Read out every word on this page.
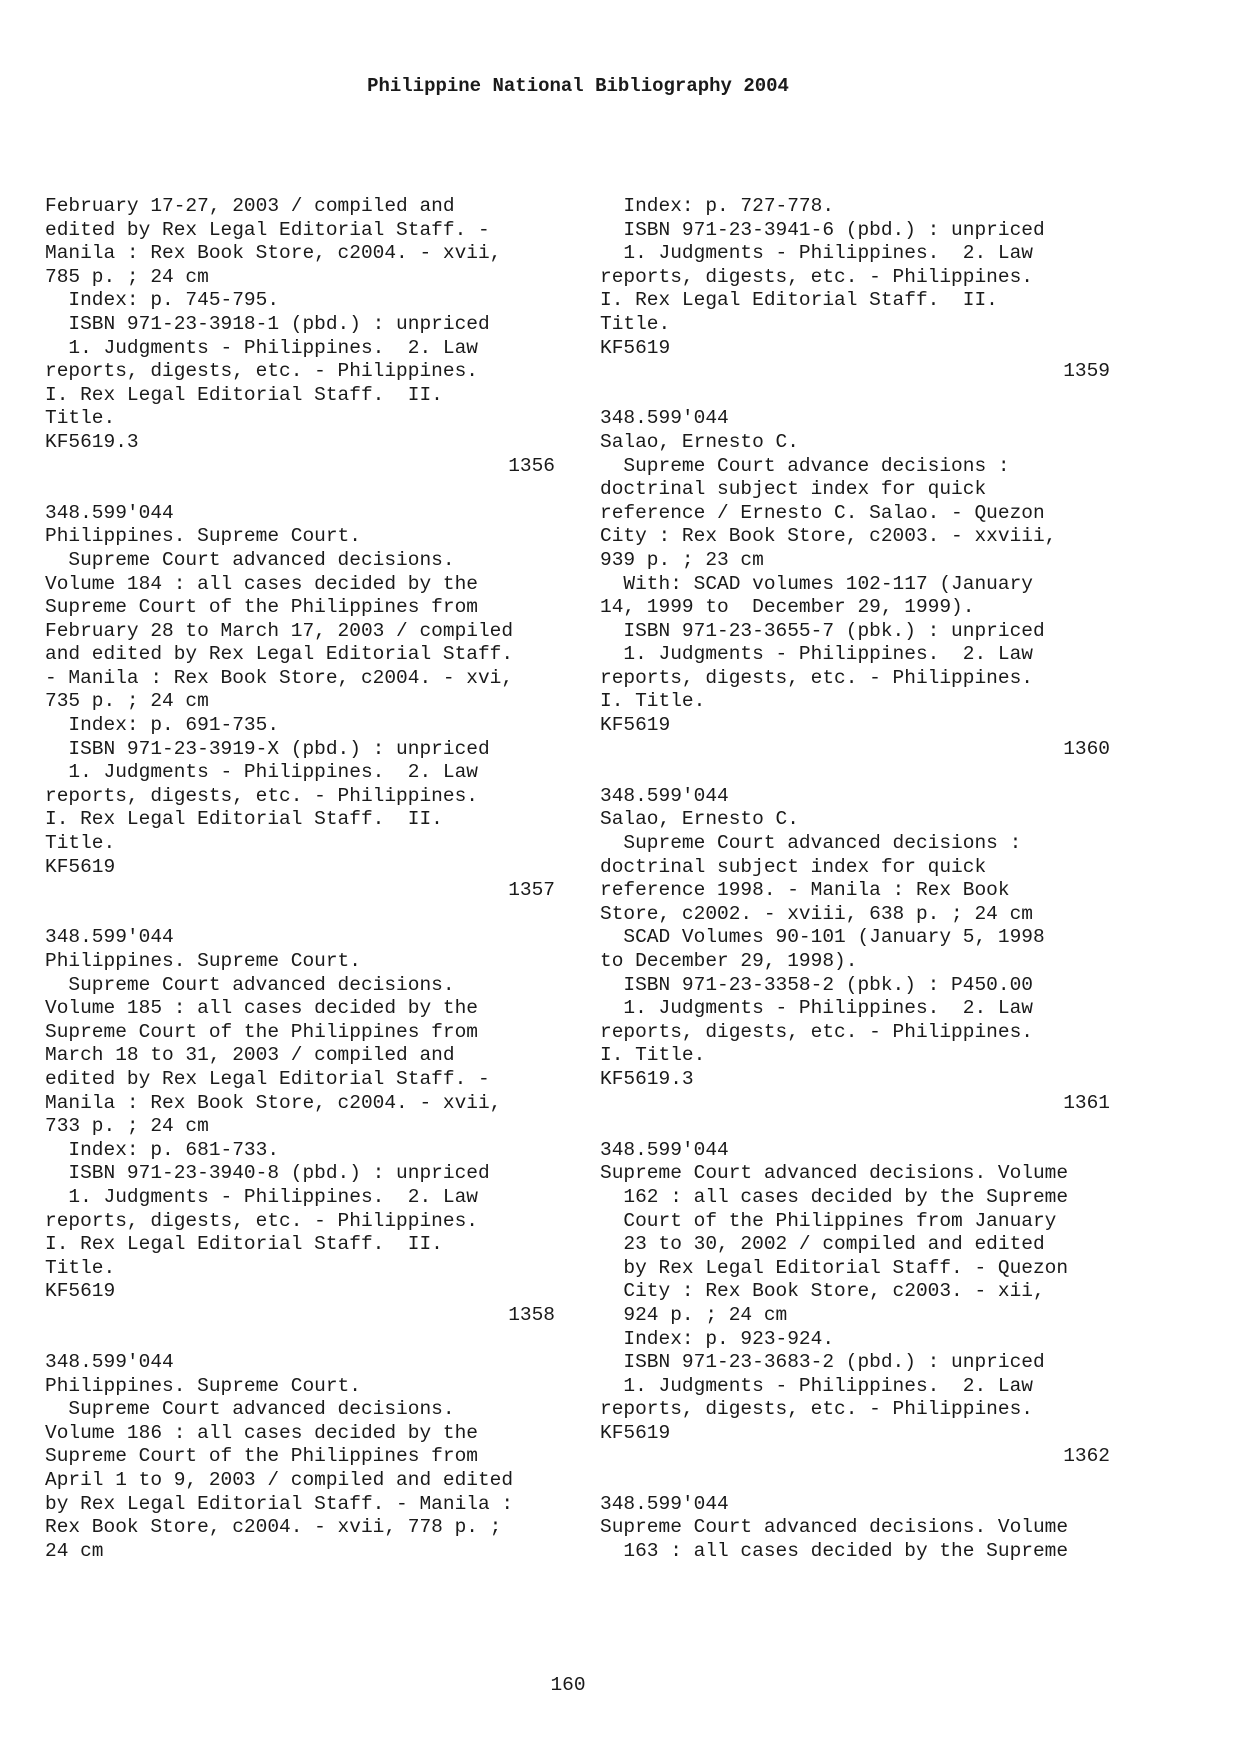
Philippine National Bibliography 2004
February 17-27, 2003 / compiled and
edited by Rex Legal Editorial Staff. -
Manila : Rex Book Store, c2004. - xvii,
785 p. ; 24 cm
Index: p. 745-795.
ISBN 971-23-3918-1 (pbd.) : unpriced
1. Judgments - Philippines.  2. Law
reports, digests, etc. - Philippines.
I. Rex Legal Editorial Staff.  II.
Title.
KF5619.3
1356
348.599'044
Philippines. Supreme Court.
Supreme Court advanced decisions.
Volume 184 : all cases decided by the
Supreme Court of the Philippines from
February 28 to March 17, 2003 / compiled
and edited by Rex Legal Editorial Staff.
- Manila : Rex Book Store, c2004. - xvi,
735 p. ; 24 cm
Index: p. 691-735.
ISBN 971-23-3919-X (pbd.) : unpriced
1. Judgments - Philippines.  2. Law
reports, digests, etc. - Philippines.
I. Rex Legal Editorial Staff.  II.
Title.
KF5619
1357
348.599'044
Philippines. Supreme Court.
Supreme Court advanced decisions.
Volume 185 : all cases decided by the
Supreme Court of the Philippines from
March 18 to 31, 2003 / compiled and
edited by Rex Legal Editorial Staff. -
Manila : Rex Book Store, c2004. - xvii,
733 p. ; 24 cm
Index: p. 681-733.
ISBN 971-23-3940-8 (pbd.) : unpriced
1. Judgments - Philippines.  2. Law
reports, digests, etc. - Philippines.
I. Rex Legal Editorial Staff.  II.
Title.
KF5619
1358
348.599'044
Philippines. Supreme Court.
Supreme Court advanced decisions.
Volume 186 : all cases decided by the
Supreme Court of the Philippines from
April 1 to 9, 2003 / compiled and edited
by Rex Legal Editorial Staff. - Manila :
Rex Book Store, c2004. - xvii, 778 p. ;
24 cm
Index: p. 727-778.
ISBN 971-23-3941-6 (pbd.) : unpriced
1. Judgments - Philippines.  2. Law
reports, digests, etc. - Philippines.
I. Rex Legal Editorial Staff.  II.
Title.
KF5619
1359
348.599'044
Salao, Ernesto C.
Supreme Court advance decisions :
doctrinal subject index for quick
reference / Ernesto C. Salao. - Quezon
City : Rex Book Store, c2003. - xxviii,
939 p. ; 23 cm
With: SCAD volumes 102-117 (January
14, 1999 to  December 29, 1999).
ISBN 971-23-3655-7 (pbk.) : unpriced
1. Judgments - Philippines.  2. Law
reports, digests, etc. - Philippines.
I. Title.
KF5619
1360
348.599'044
Salao, Ernesto C.
Supreme Court advanced decisions :
doctrinal subject index for quick
reference 1998. - Manila : Rex Book
Store, c2002. - xviii, 638 p. ; 24 cm
SCAD Volumes 90-101 (January 5, 1998
to December 29, 1998).
ISBN 971-23-3358-2 (pbk.) : P450.00
1. Judgments - Philippines.  2. Law
reports, digests, etc. - Philippines.
I. Title.
KF5619.3
1361
348.599'044
Supreme Court advanced decisions. Volume
162 : all cases decided by the Supreme
Court of the Philippines from January
23 to 30, 2002 / compiled and edited
by Rex Legal Editorial Staff. - Quezon
City : Rex Book Store, c2003. - xii,
924 p. ; 24 cm
Index: p. 923-924.
ISBN 971-23-3683-2 (pbd.) : unpriced
1. Judgments - Philippines.  2. Law
reports, digests, etc. - Philippines.
KF5619
1362
348.599'044
Supreme Court advanced decisions. Volume
163 : all cases decided by the Supreme
160
